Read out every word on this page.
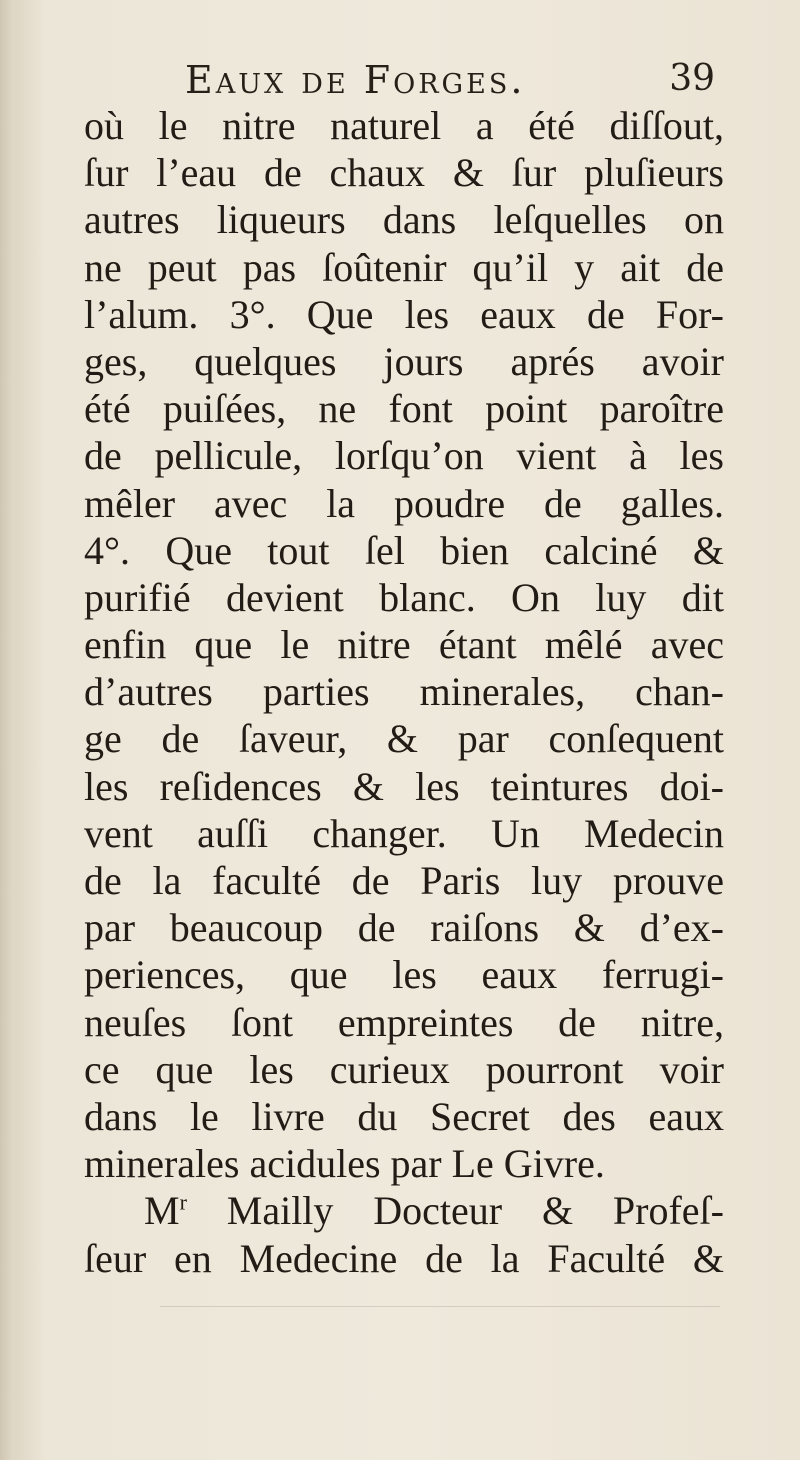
Eaux de Forges.	39
où le nitre naturel a été diſſout,
ſur l’eau de chaux & ſur pluſieurs
autres liqueurs dans leſquelles on
ne peut pas ſoûtenir qu’il y ait de
l’alum. 3°. Que les eaux de For-
ges, quelques jours aprés avoir
été puiſées, ne font point paroître
de pellicule, lorſqu’on vient à les
mêler avec la poudre de galles.
4°. Que tout ſel bien calciné &
purifié devient blanc. On luy dit
enfin que le nitre étant mêlé avec
d’autres parties minerales, chan-
ge de ſaveur, & par conſequent
les reſidences & les teintures doi-
vent auſſi changer. Un Medecin
de la faculté de Paris luy prouve
par beaucoup de raiſons & d’ex-
periences, que les eaux ferrugi-
neuſes ſont empreintes de nitre,
ce que les curieux pourront voir
dans le livre du Secret des eaux
minerales acidules par Le Givre.
$M^r$ Mailly Docteur & Profeſ-
ſeur en Medecine de la Faculté &
